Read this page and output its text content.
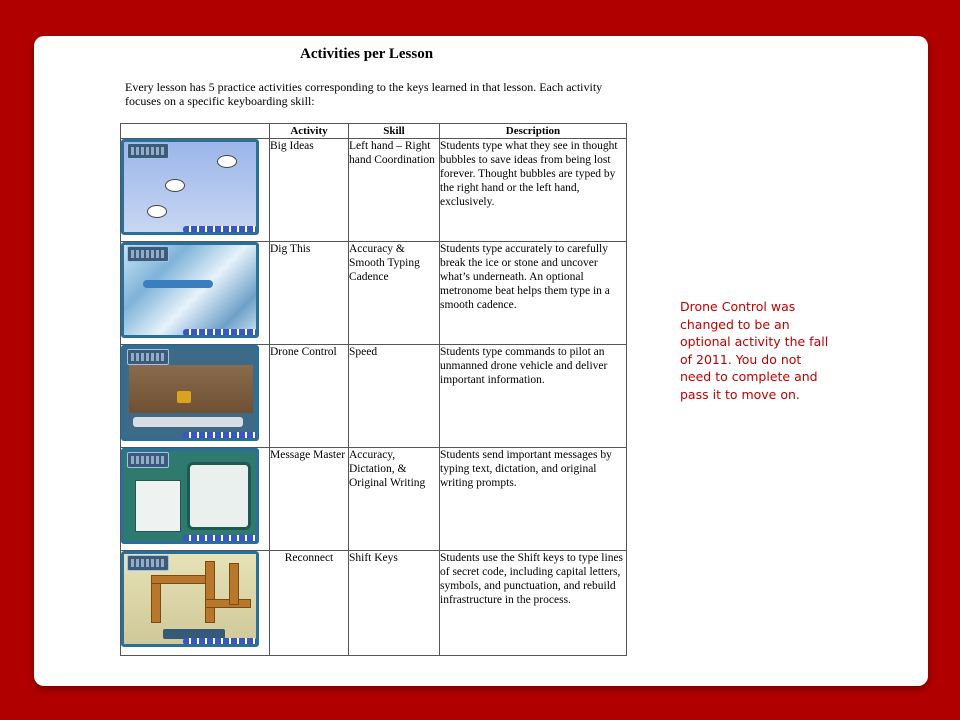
Activities per Lesson
Every lesson has 5 practice activities corresponding to the keys learned in that lesson. Each activity focuses on a specific keyboarding skill:
	Activity	Skill	Description

	Big Ideas	Left hand – Right hand Coordination	Students type what they see in thought bubbles to save ideas from being lost forever. Thought bubbles are typed by the right hand or the left hand, exclusively.

	Dig This	Accuracy & Smooth Typing Cadence	Students type accurately to carefully break the ice or stone and uncover what’s underneath. An optional metronome beat helps them type in a smooth cadence.

	Drone Control	Speed	Students type commands to pilot an unmanned drone vehicle and deliver important information.

	Message Master	Accuracy, Dictation, & Original Writing	Students send important messages by typing text, dictation, and original writing prompts.

	Reconnect	Shift Keys	Students use the Shift keys to type lines of secret code, including capital letters, symbols, and punctuation, and rebuild infrastructure in the process.
Drone Control was changed to be an optional activity the fall of 2011. You do not need to complete and pass it to move on.
